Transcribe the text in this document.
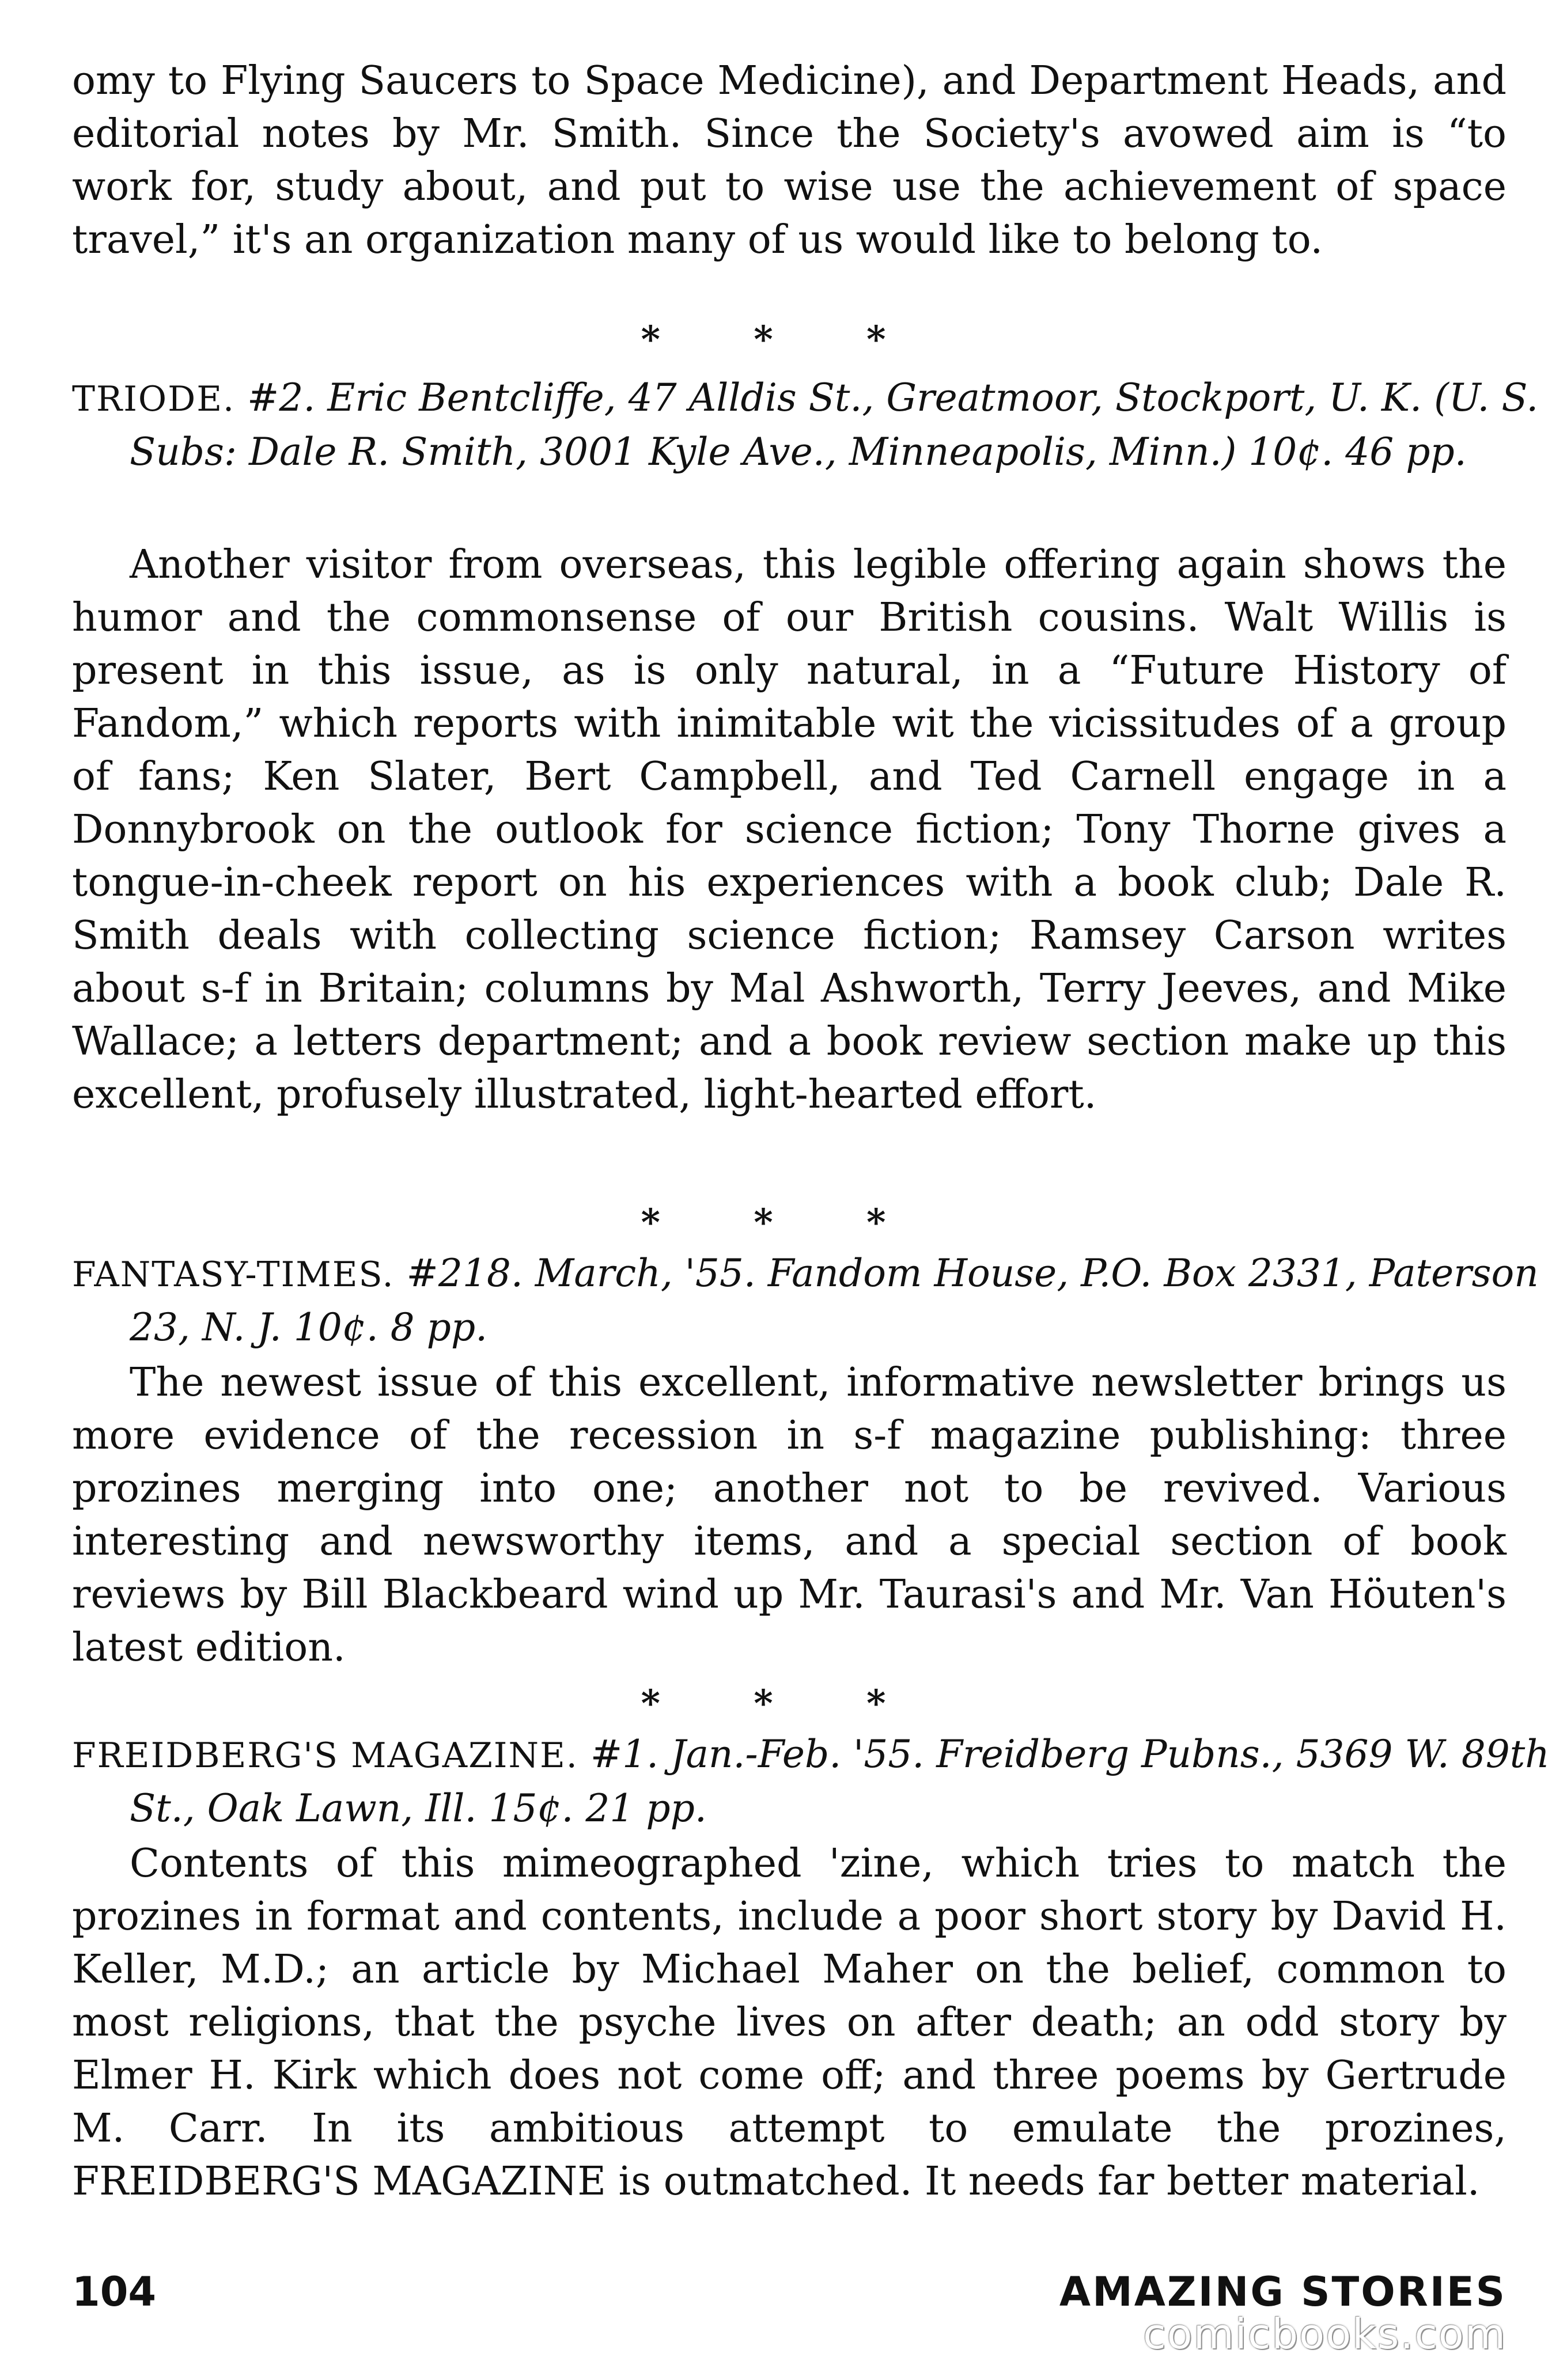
omy to Flying Saucers to Space Medicine), and Department Heads, and editorial notes by Mr. Smith. Since the Society's avowed aim is “to work for, study about, and put to wise use the achievement of space travel,” it's an organization many of us would like to belong to.
* * *
TRIODE. #2. Eric Bentcliffe, 47 Alldis St., Greatmoor, Stockport, U. K. (U. S. Subs: Dale R. Smith, 3001 Kyle Ave., Minneapolis, Minn.) 10¢. 46 pp.
Another visitor from overseas, this legible offering again shows the humor and the commonsense of our British cousins. Walt Willis is present in this issue, as is only natural, in a “Future History of Fandom,” which reports with inimitable wit the vicissitudes of a group of fans; Ken Slater, Bert Campbell, and Ted Carnell engage in a Donnybrook on the outlook for science fiction; Tony Thorne gives a tongue-in-cheek report on his experiences with a book club; Dale R. Smith deals with collecting science fiction; Ramsey Carson writes about s-f in Britain; columns by Mal Ashworth, Terry Jeeves, and Mike Wallace; a letters department; and a book review section make up this excellent, profusely illustrated, light-hearted effort.
* * *
FANTASY-TIMES. #218. March, '55. Fandom House, P.O. Box 2331, Paterson 23, N. J. 10¢. 8 pp.
The newest issue of this excellent, informative newsletter brings us more evidence of the recession in s-f magazine publishing: three prozines merging into one; another not to be revived. Various interesting and newsworthy items, and a special section of book reviews by Bill Blackbeard wind up Mr. Taurasi's and Mr. Van Höuten's latest edition.
* * *
FREIDBERG'S MAGAZINE. #1. Jan.-Feb. '55. Freidberg Pubns., 5369 W. 89th St., Oak Lawn, Ill. 15¢. 21 pp.
Contents of this mimeographed 'zine, which tries to match the prozines in format and contents, include a poor short story by David H. Keller, M.D.; an article by Michael Maher on the belief, common to most religions, that the psyche lives on after death; an odd story by Elmer H. Kirk which does not come off; and three poems by Gertrude M. Carr. In its ambitious attempt to emulate the prozines, FREIDBERG'S MAGAZINE is outmatched. It needs far better material.
104	AMAZING STORIES
comicbooks.com
